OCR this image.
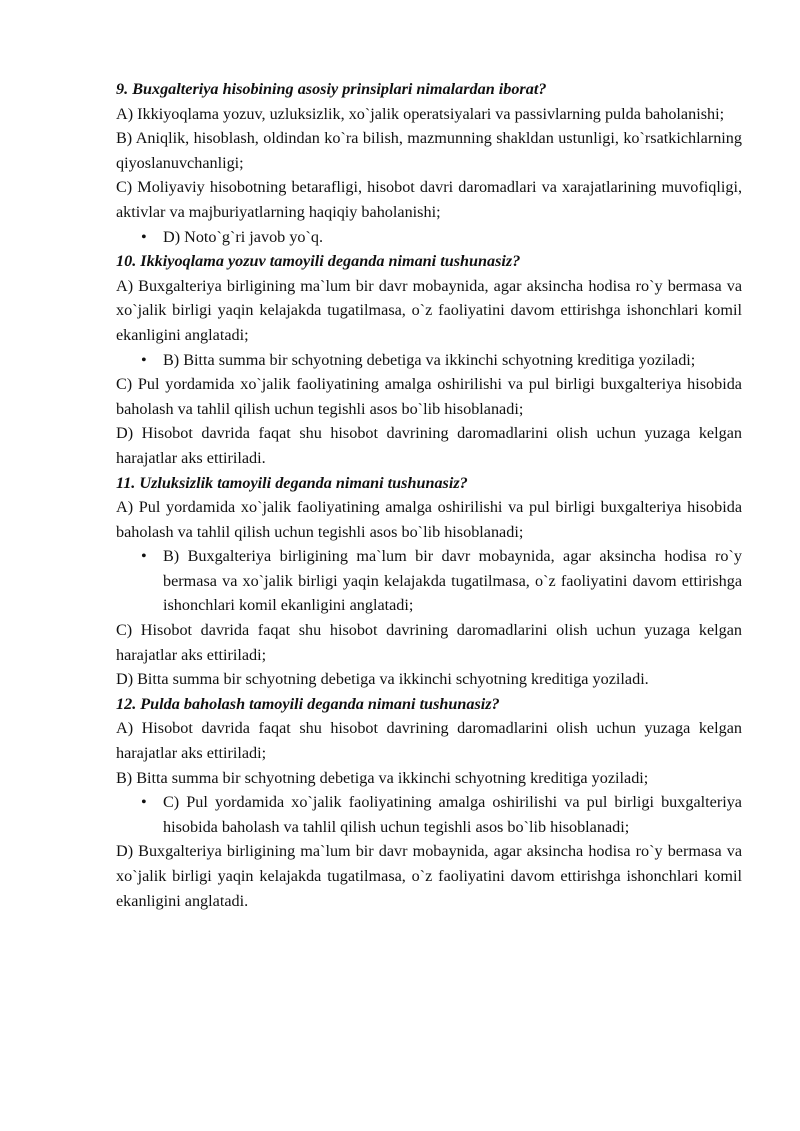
9. Buxgalteriya hisobining asosiy prinsiplari nimalardan iborat?

A) Ikkiyoqlama yozuv, uzluksizlik, xo`jalik operatsiyalari va passivlarning pulda baholanishi;

B) Aniqlik, hisoblash, oldindan ko`ra bilish, mazmunning shakldan ustunligi, ko`rsatkichlarning qiyoslanuvchanligi;

C) Moliyaviy hisobotning betarafligi, hisobot davri daromadlari va xarajatlarining muvofiqligi, aktivlar va majburiyatlarning haqiqiy baholanishi;

• D) Noto`g`ri javob yo`q.

10. Ikkiyoqlama yozuv tamoyili deganda nimani tushunasiz?

A) Buxgalteriya birligining ma`lum bir davr mobaynida, agar aksincha hodisa ro`y bermasa va xo`jalik birligi yaqin kelajakda tugatilmasa, o`z faoliyatini davom ettirishga ishonchlari komil ekanligini anglatadi;

• B) Bitta summa bir schyotning debetiga va ikkinchi schyotning kreditiga yoziladi;

C) Pul yordamida xo`jalik faoliyatining amalga oshirilishi va pul birligi buxgalteriya hisobida baholash va tahlil qilish uchun tegishli asos bo`lib hisoblanadi;

D) Hisobot davrida faqat shu hisobot davrining daromadlarini olish uchun yuzaga kelgan harajatlar aks ettiriladi.

11. Uzluksizlik tamoyili deganda nimani tushunasiz?

A) Pul yordamida xo`jalik faoliyatining amalga oshirilishi va pul birligi buxgalteriya hisobida baholash va tahlil qilish uchun tegishli asos bo`lib hisoblanadi;

• B) Buxgalteriya birligining ma`lum bir davr mobaynida, agar aksincha hodisa ro`y bermasa va xo`jalik birligi yaqin kelajakda tugatilmasa, o`z faoliyatini davom ettirishga ishonchlari komil ekanligini anglatadi;

C) Hisobot davrida faqat shu hisobot davrining daromadlarini olish uchun yuzaga kelgan harajatlar aks ettiriladi;

D) Bitta summa bir schyotning debetiga va ikkinchi schyotning kreditiga yoziladi.

12. Pulda baholash tamoyili deganda nimani tushunasiz?

A) Hisobot davrida faqat shu hisobot davrining daromadlarini olish uchun yuzaga kelgan harajatlar aks ettiriladi;

B) Bitta summa bir schyotning debetiga va ikkinchi schyotning kreditiga yoziladi;

• C) Pul yordamida xo`jalik faoliyatining amalga oshirilishi va pul birligi buxgalteriya hisobida baholash va tahlil qilish uchun tegishli asos bo`lib hisoblanadi;

D) Buxgalteriya birligining ma`lum bir davr mobaynida, agar aksincha hodisa ro`y bermasa va xo`jalik birligi yaqin kelajakda tugatilmasa, o`z faoliyatini davom ettirishga ishonchlari komil ekanligini anglatadi.
